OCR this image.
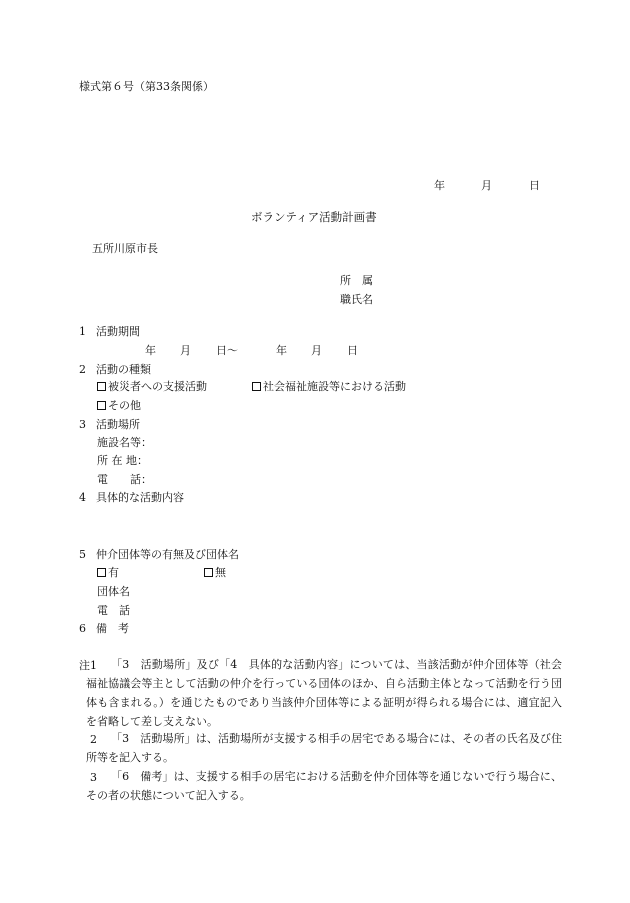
様式第６号（第33条関係）
年	月	日
ボランティア活動計画書
五所川原市長
所　属
職氏名
1 活動期間
年 月 日～	年 月 日
2 活動の種類
被災者への支援活動	社会福祉施設等における活動
その他
3 活動場所
施設名等：
所 在 地：
電　　話：
4 具体的な活動内容
5 仲介団体等の有無及び団体名
有	無
団体名
電　話
6 備　考
注1	「3　活動場所」及び「4　具体的な活動内容」については、当該活動が仲介団体等（社会福祉協議会等主として活動の仲介を行っている団体のほか、自ら活動主体となって活動を行う団体も含まれる。）を通じたものであり当該仲介団体等による証明が得られる場合には、適宜記入を省略して差し支えない。
2	「3　活動場所」は、活動場所が支援する相手の居宅である場合には、その者の氏名及び住所等を記入する。
3	「6　備考」は、支援する相手の居宅における活動を仲介団体等を通じないで行う場合に、その者の状態について記入する。
